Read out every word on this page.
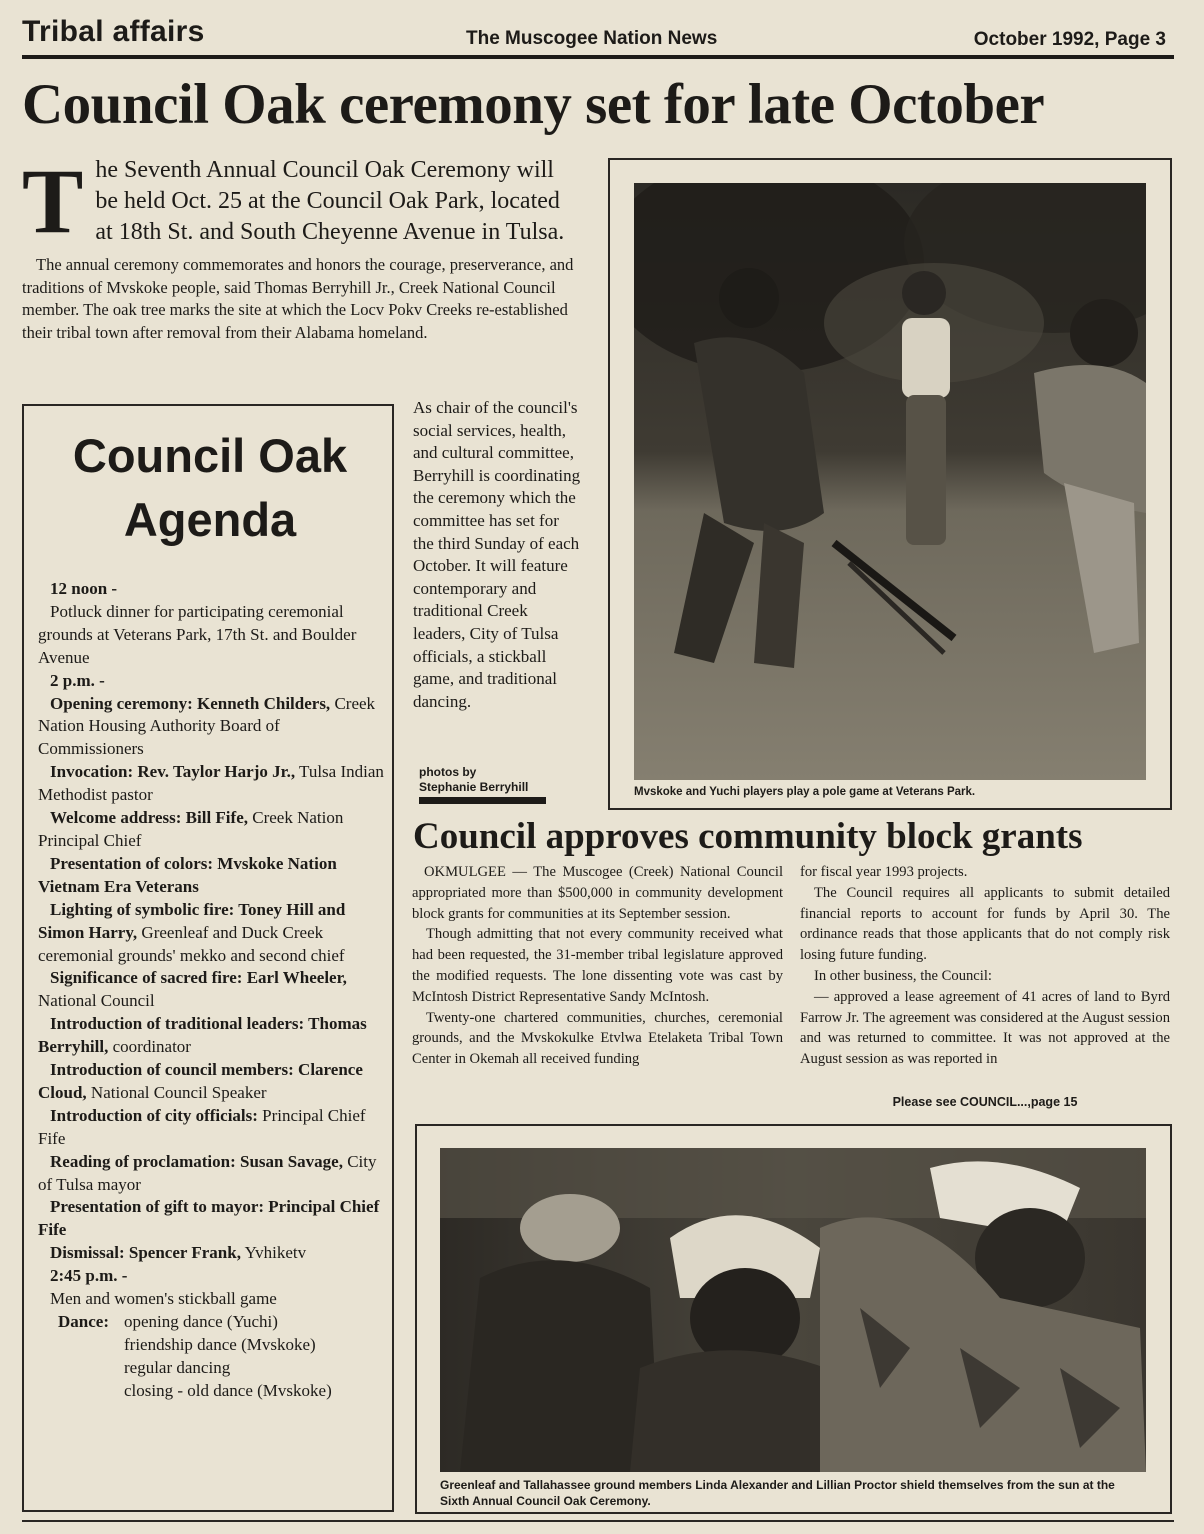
Tribal affairs	The Muscogee Nation News	October 1992, Page 3
Council Oak ceremony set for late October
T he Seventh Annual Council Oak Ceremony will be held Oct. 25 at the Council Oak Park, located at 18th St. and South Cheyenne Avenue in Tulsa.

The annual ceremony commemorates and honors the courage, preserverance, and traditions of Mvskoke people, said Thomas Berryhill Jr., Creek National Council member. The oak tree marks the site at which the Locv Pokv Creeks re-established their tribal town after removal from their Alabama homeland.

Council Oak
Agenda
12 noon -
Potluck dinner for participating ceremonial grounds at Veterans Park, 17th St. and Boulder Avenue
2 p.m. -
Opening ceremony: Kenneth Childers, Creek Nation Housing Authority Board of Commissioners
Invocation: Rev. Taylor Harjo Jr., Tulsa Indian Methodist pastor
Welcome address: Bill Fife, Creek Nation Principal Chief
Presentation of colors: Mvskoke Nation Vietnam Era Veterans
Lighting of symbolic fire: Toney Hill and Simon Harry, Greenleaf and Duck Creek ceremonial grounds' mekko and second chief
Significance of sacred fire: Earl Wheeler, National Council
Introduction of traditional leaders: Thomas Berryhill, coordinator
Introduction of council members: Clarence Cloud, National Council Speaker
Introduction of city officials: Principal Chief Fife
Reading of proclamation: Susan Savage, City of Tulsa mayor
Presentation of gift to mayor: Principal Chief Fife
Dismissal: Spencer Frank, Yvhiketv
2:45 p.m. -
Men and women's stickball game
Dance: opening dance (Yuchi)
friendship dance (Mvskoke)
regular dancing
closing - old dance (Mvskoke)
As chair of the council's social services, health, and cultural committee, Berryhill is coordinating the ceremony which the committee has set for the third Sunday of each October. It will feature contemporary and traditional Creek leaders, City of Tulsa officials, a stickball game, and traditional dancing.
photos by
Stephanie Berryhill	Mvskoke and Yuchi players play a pole game at Veterans Park.
Council approves community block grants

OKMULGEE — The Muscogee (Creek) National Council appropriated more than $500,000 in community development block grants for communities at its September session.

Though admitting that not every community received what had been requested, the 31-member tribal legislature approved the modified requests. The lone dissenting vote was cast by McIntosh District Representative Sandy McIntosh.

Twenty-one chartered communities, churches, ceremonial grounds, and the Mvskokulke Etvlwa Etelaketa Tribal Town Center in Okemah all received funding

for fiscal year 1993 projects.

The Council requires all applicants to submit detailed financial reports to account for funds by April 30. The ordinance reads that those applicants that do not comply risk losing future funding.

In other business, the Council:

— approved a lease agreement of 41 acres of land to Byrd Farrow Jr. The agreement was considered at the August session and was returned to committee. It was not approved at the August session as was reported in

Please see COUNCIL...,page 15
Greenleaf and Tallahassee ground members Linda Alexander and Lillian Proctor shield themselves from the sun at the Sixth Annual Council Oak Ceremony.
